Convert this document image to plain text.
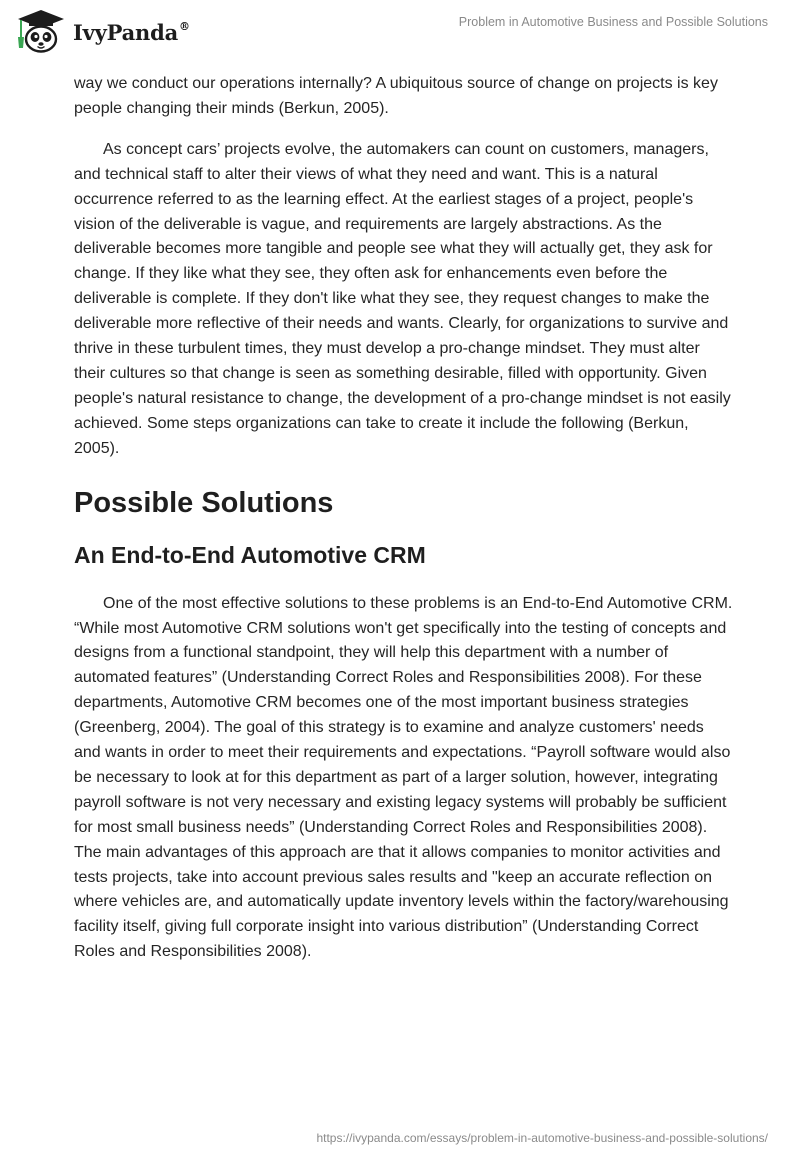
IvyPanda®	Problem in Automotive Business and Possible Solutions

way we conduct our operations internally? A ubiquitous source of change on projects is key people changing their minds (Berkun, 2005).

As concept cars’ projects evolve, the automakers can count on customers, managers, and technical staff to alter their views of what they need and want. This is a natural occurrence referred to as the learning effect. At the earliest stages of a project, people's vision of the deliverable is vague, and requirements are largely abstractions. As the deliverable becomes more tangible and people see what they will actually get, they ask for change. If they like what they see, they often ask for enhancements even before the deliverable is complete. If they don't like what they see, they request changes to make the deliverable more reflective of their needs and wants. Clearly, for organizations to survive and thrive in these turbulent times, they must develop a pro-change mindset. They must alter their cultures so that change is seen as something desirable, filled with opportunity. Given people's natural resistance to change, the development of a pro-change mindset is not easily achieved. Some steps organizations can take to create it include the following (Berkun, 2005).

Possible Solutions
An End-to-End Automotive CRM

One of the most effective solutions to these problems is an End-to-End Automotive CRM. “While most Automotive CRM solutions won't get specifically into the testing of concepts and designs from a functional standpoint, they will help this department with a number of automated features” (Understanding Correct Roles and Responsibilities 2008). For these departments, Automotive CRM becomes one of the most important business strategies (Greenberg, 2004). The goal of this strategy is to examine and analyze customers' needs and wants in order to meet their requirements and expectations. “Payroll software would also be necessary to look at for this department as part of a larger solution, however, integrating payroll software is not very necessary and existing legacy systems will probably be sufficient for most small business needs” (Understanding Correct Roles and Responsibilities 2008). The main advantages of this approach are that it allows companies to monitor activities and tests projects, take into account previous sales results and "keep an accurate reflection on where vehicles are, and automatically update inventory levels within the factory/warehousing facility itself, giving full corporate insight into various distribution” (Understanding Correct Roles and Responsibilities 2008).

https://ivypanda.com/essays/problem-in-automotive-business-and-possible-solutions/
